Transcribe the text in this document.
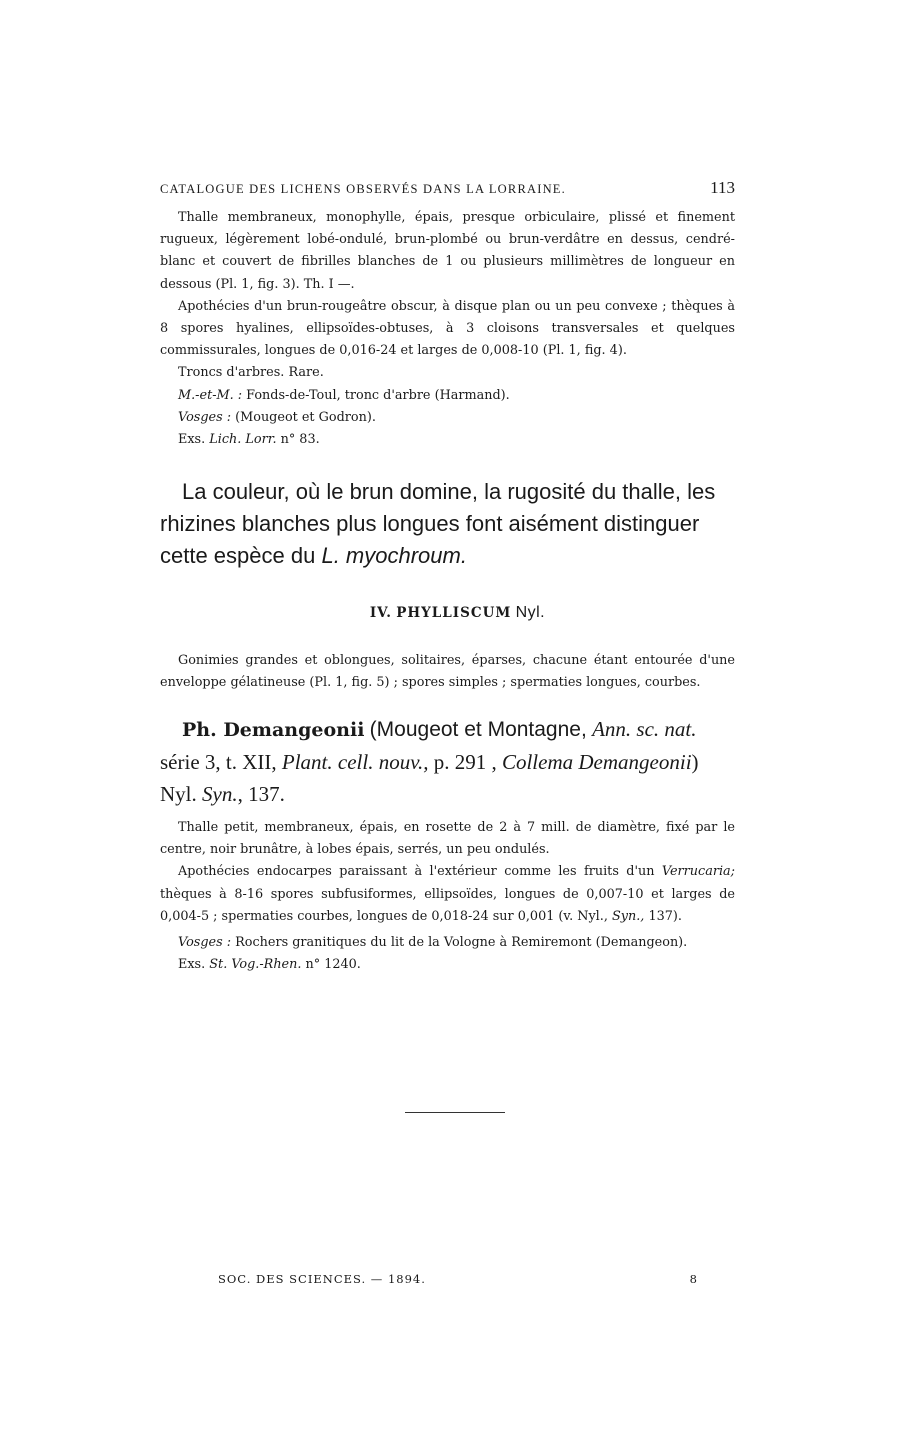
CATALOGUE DES LICHENS OBSERVÉS DANS LA LORRAINE.	113

Thalle membraneux, monophylle, épais, presque orbiculaire, plissé et finement rugueux, légèrement lobé-ondulé, brun-plombé ou brun-verdâtre en dessus, cendré-blanc et couvert de fibrilles blanches de 1 ou plusieurs millimètres de longueur en dessous (Pl. 1, fig. 3). Th. I —.

Apothécies d'un brun-rougeâtre obscur, à disque plan ou un peu convexe ; thèques à 8 spores hyalines, ellipsoïdes-obtuses, à 3 cloisons transversales et quelques commissurales, longues de 0,016-24 et larges de 0,008-10 (Pl. 1, fig. 4).

Troncs d'arbres. Rare.

M.-et-M. : Fonds-de-Toul, tronc d'arbre (Harmand).

Vosges : (Mougeot et Godron).

Exs. Lich. Lorr. n° 83.

La couleur, où le brun domine, la rugosité du thalle, les rhizines blanches plus longues font aisément distinguer cette espèce du L. myochroum.

IV. PHYLLISCUM Nyl.

Gonimies grandes et oblongues, solitaires, éparses, chacune étant entourée d'une enveloppe gélatineuse (Pl. 1, fig. 5) ; spores simples ; spermaties longues, courbes.

Ph. Demangeonii (Mougeot et Montagne, Ann. sc. nat. série 3, t. XII, Plant. cell. nouv., p. 291 , Collema Demangeonii) Nyl. Syn., 137.

Thalle petit, membraneux, épais, en rosette de 2 à 7 mill. de diamètre, fixé par le centre, noir brunâtre, à lobes épais, serrés, un peu ondulés.

Apothécies endocarpes paraissant à l'extérieur comme les fruits d'un Verrucaria; thèques à 8-16 spores subfusiformes, ellipsoïdes, longues de 0,007-10 et larges de 0,004-5 ; spermaties courbes, longues de 0,018-24 sur 0,001 (v. Nyl., Syn., 137).

Vosges : Rochers granitiques du lit de la Vologne à Remiremont (Demangeon).

Exs. St. Vog.-Rhen. n° 1240.

SOC. DES SCIENCES. — 1894.	8
